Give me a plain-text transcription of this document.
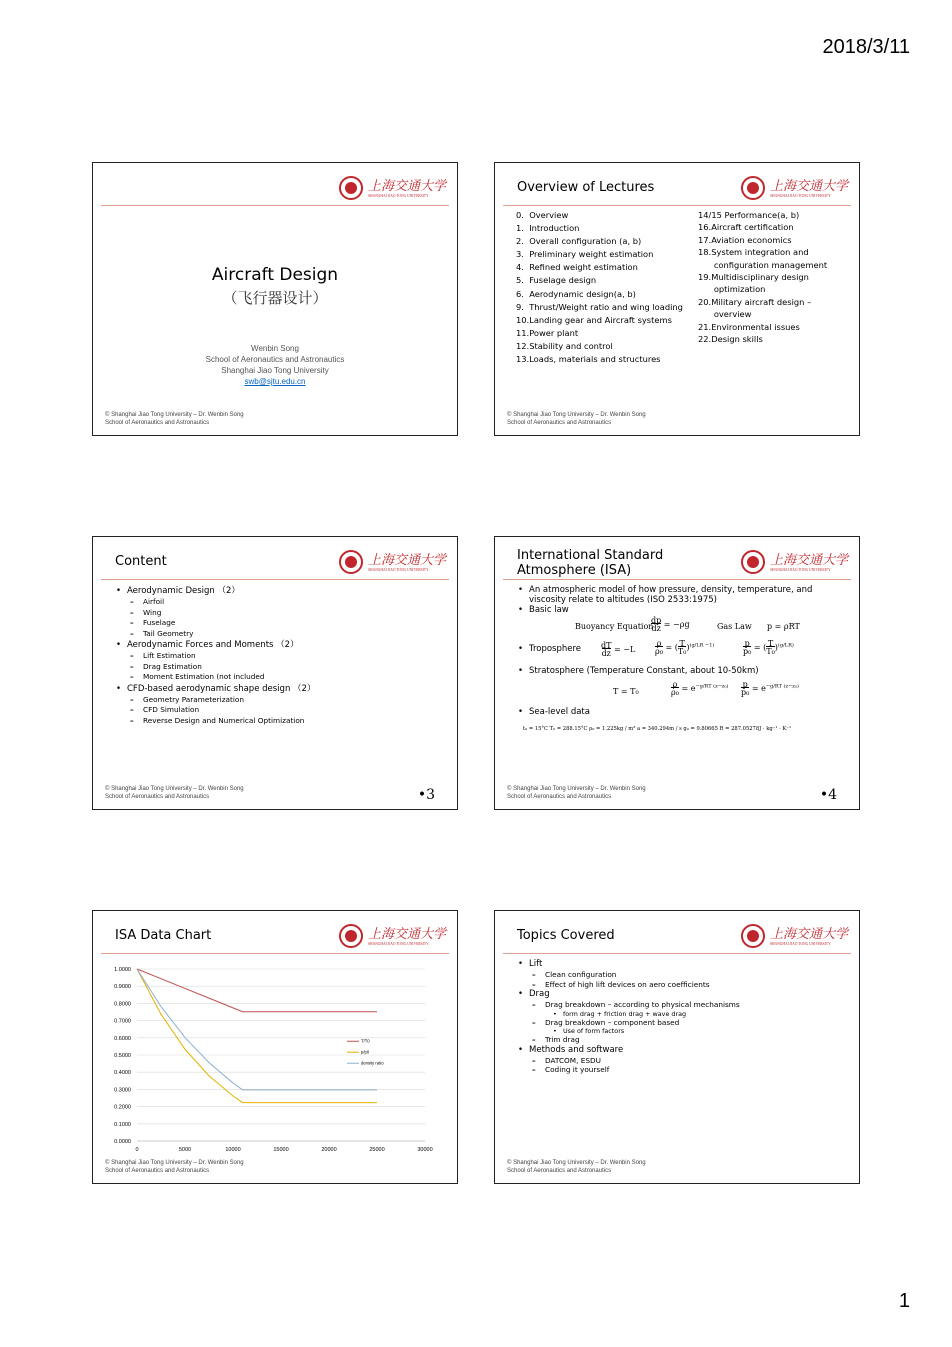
2018/3/11
上海交通大学
SHANGHAI JIAO TONG UNIVERSITY
Aircraft Design
（飞行器设计）
Wenbin Song
School of Aeronautics and Astronautics
Shanghai Jiao Tong University
swb@sjtu.edu.cn
© Shanghai Jiao Tong University – Dr. Wenbin Song
School of Aeronautics and Astronautics
Overview of Lectures	上海交通大学
SHANGHAI JIAO TONG UNIVERSITY
0.  Overview
1.  Introduction
2.  Overall configuration (a, b)
3.  Preliminary weight estimation
4.  Refined weight estimation
5.  Fuselage design
6.  Aerodynamic design(a, b)
9.  Thrust/Weight ratio and wing loading
10.Landing gear and Aircraft systems
11.Power plant
12.Stability and control
13.Loads, materials and structures
14/15 Performance(a, b)
16.Aircraft certification
17.Aviation economics
18.System integration and
configuration management
19.Multidisciplinary design
optimization
20.Military aircraft design –
overview
21.Environmental issues
22.Design skills
© Shanghai Jiao Tong University – Dr. Wenbin Song
School of Aeronautics and Astronautics
Content	上海交通大学
SHANGHAI JIAO TONG UNIVERSITY
• Aerodynamic Design （2）
– Airfoil
– Wing
– Fuselage
– Tail Geometry
• Aerodynamic Forces and Moments （2）
– Lift Estimation
– Drag Estimation
– Moment Estimation (not included
• CFD-based aerodynamic shape design （2）
– Geometry Parameterization
– CFD Simulation
– Reverse Design and Numerical Optimization
© Shanghai Jiao Tong University – Dr. Wenbin Song
School of Aeronautics and Astronautics	•3
International Standard Atmosphere (ISA)
上海交通大学
SHANGHAI JIAO TONG UNIVERSITY
• An atmospheric model of how pressure, density, temperature, and viscosity relate to altitudes (ISO 2533:1975)
• Basic law
Buoyancy Equation
dp
dz = −ρg	Gas Law p = ρRT
• Troposphere dT
dz = −L
ρ
ρ₀ = ( T
T₀)$^{(g/LR -1)}$	p
p₀ = ( T
T₀)$^{(g/LR)}$
• Stratosphere (Temperature Constant, about 10-50km)
T = T₀
ρ
$\rho_0 = e^{-g/RT (z-z_0)}$ p
$p_0 = e^{-g/RT (z-z_0)}$
• Sea-level data
t₀ = 15°C T₀ = 288.15°C ρ₀ = 1.225kg / m³ a = 340.294m / s g₀ = 9.80665 R = 287.05278J · kg⁻¹ · K⁻¹
© Shanghai Jiao Tong University – Dr. Wenbin Song
School of Aeronautics and Astronautics	•4
ISA Data Chart	上海交通大学
SHANGHAI JIAO TONG UNIVERSITY
0.0000
0.1000
0.2000
0.3000
0.4000
0.5000
0.6000
0.7000
0.8000
0.9000
1.0000
0	5000	10000	15000	20000	25000	30000
T/T0
p/p0
density ratio
© Shanghai Jiao Tong University – Dr. Wenbin Song
School of Aeronautics and Astronautics
Topics Covered	上海交通大学
SHANGHAI JIAO TONG UNIVERSITY
• Lift
– Clean configuration
– Effect of high lift devices on aero coefficients
• Drag
– Drag breakdown – according to physical mechanisms
• form drag + friction drag + wave drag
– Drag breakdown – component based
• Use of form factors
– Trim drag
• Methods and software
– DATCOM, ESDU
– Coding it yourself
© Shanghai Jiao Tong University – Dr. Wenbin Song
School of Aeronautics and Astronautics
1
